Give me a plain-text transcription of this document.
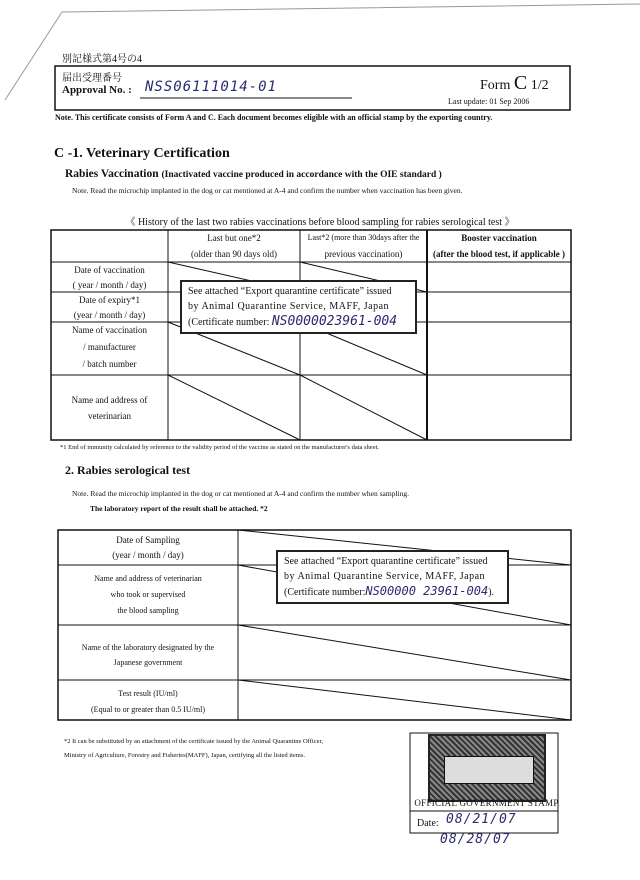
別記様式第4号の4
届出受理番号
Approval No. : NSS06111014-01	Form C 1/2
Last update: 01 Sep 2006
Note. This certificate consists of Form A and C. Each document becomes eligible with an official stamp by the exporting country.
C -1. Veterinary Certification
Rabies Vaccination (Inactivated vaccine produced in accordance with the OIE standard )
Note. Read the microchip implanted in the dog or cat mentioned at A-4 and confirm the number when vaccination has been given.
《 History of the last two rabies vaccinations before blood sampling for rabies serological test 》
Last but one*2
(older than 90 days old)
Last*2 (more than 30days after the
previous vaccination)
Booster vaccination
(after the blood test, if applicable )
Date of vaccination
( year / month / day)
Date of expiry*1
(year / month / day)
Name of vaccination
/ manufacturer
/ batch number
Name and address of
veterinarian
See attached “Export quarantine certificate” issued
by Animal Quarantine Service, MAFF, Japan
(Certificate number: NS0000023961-004
*1 End of immunity calculated by reference to the validity period of the vaccine as stated on the manufacturer's data sheet.
2. Rabies serological test
Note. Read the microchip implanted in the dog or cat mentioned at A-4 and confirm the number when sampling.
The laboratory report of the result shall be attached. *2
Date of Sampling
(year / month / day)
Name and address of veterinarian
who took or supervised
the blood sampling
Name of the laboratory designated by the
Japanese government
Test result (IU/ml)
(Equal to or greater than 0.5 IU/ml)
See attached “Export quarantine certificate” issued
by Animal Quarantine Service, MAFF, Japan
(Certificate number:NS00000 23961-004).
*2 It can be substituted by an attachment of the certificate issued by the Animal Quarantine Officer,
Ministry of Agriculture, Forestry and Fisheries(MAFF), Japan, certifying all the listed items.
OFFICIAL GOVERNMENT STAMP
Date: 08/21/07
08/28/07
